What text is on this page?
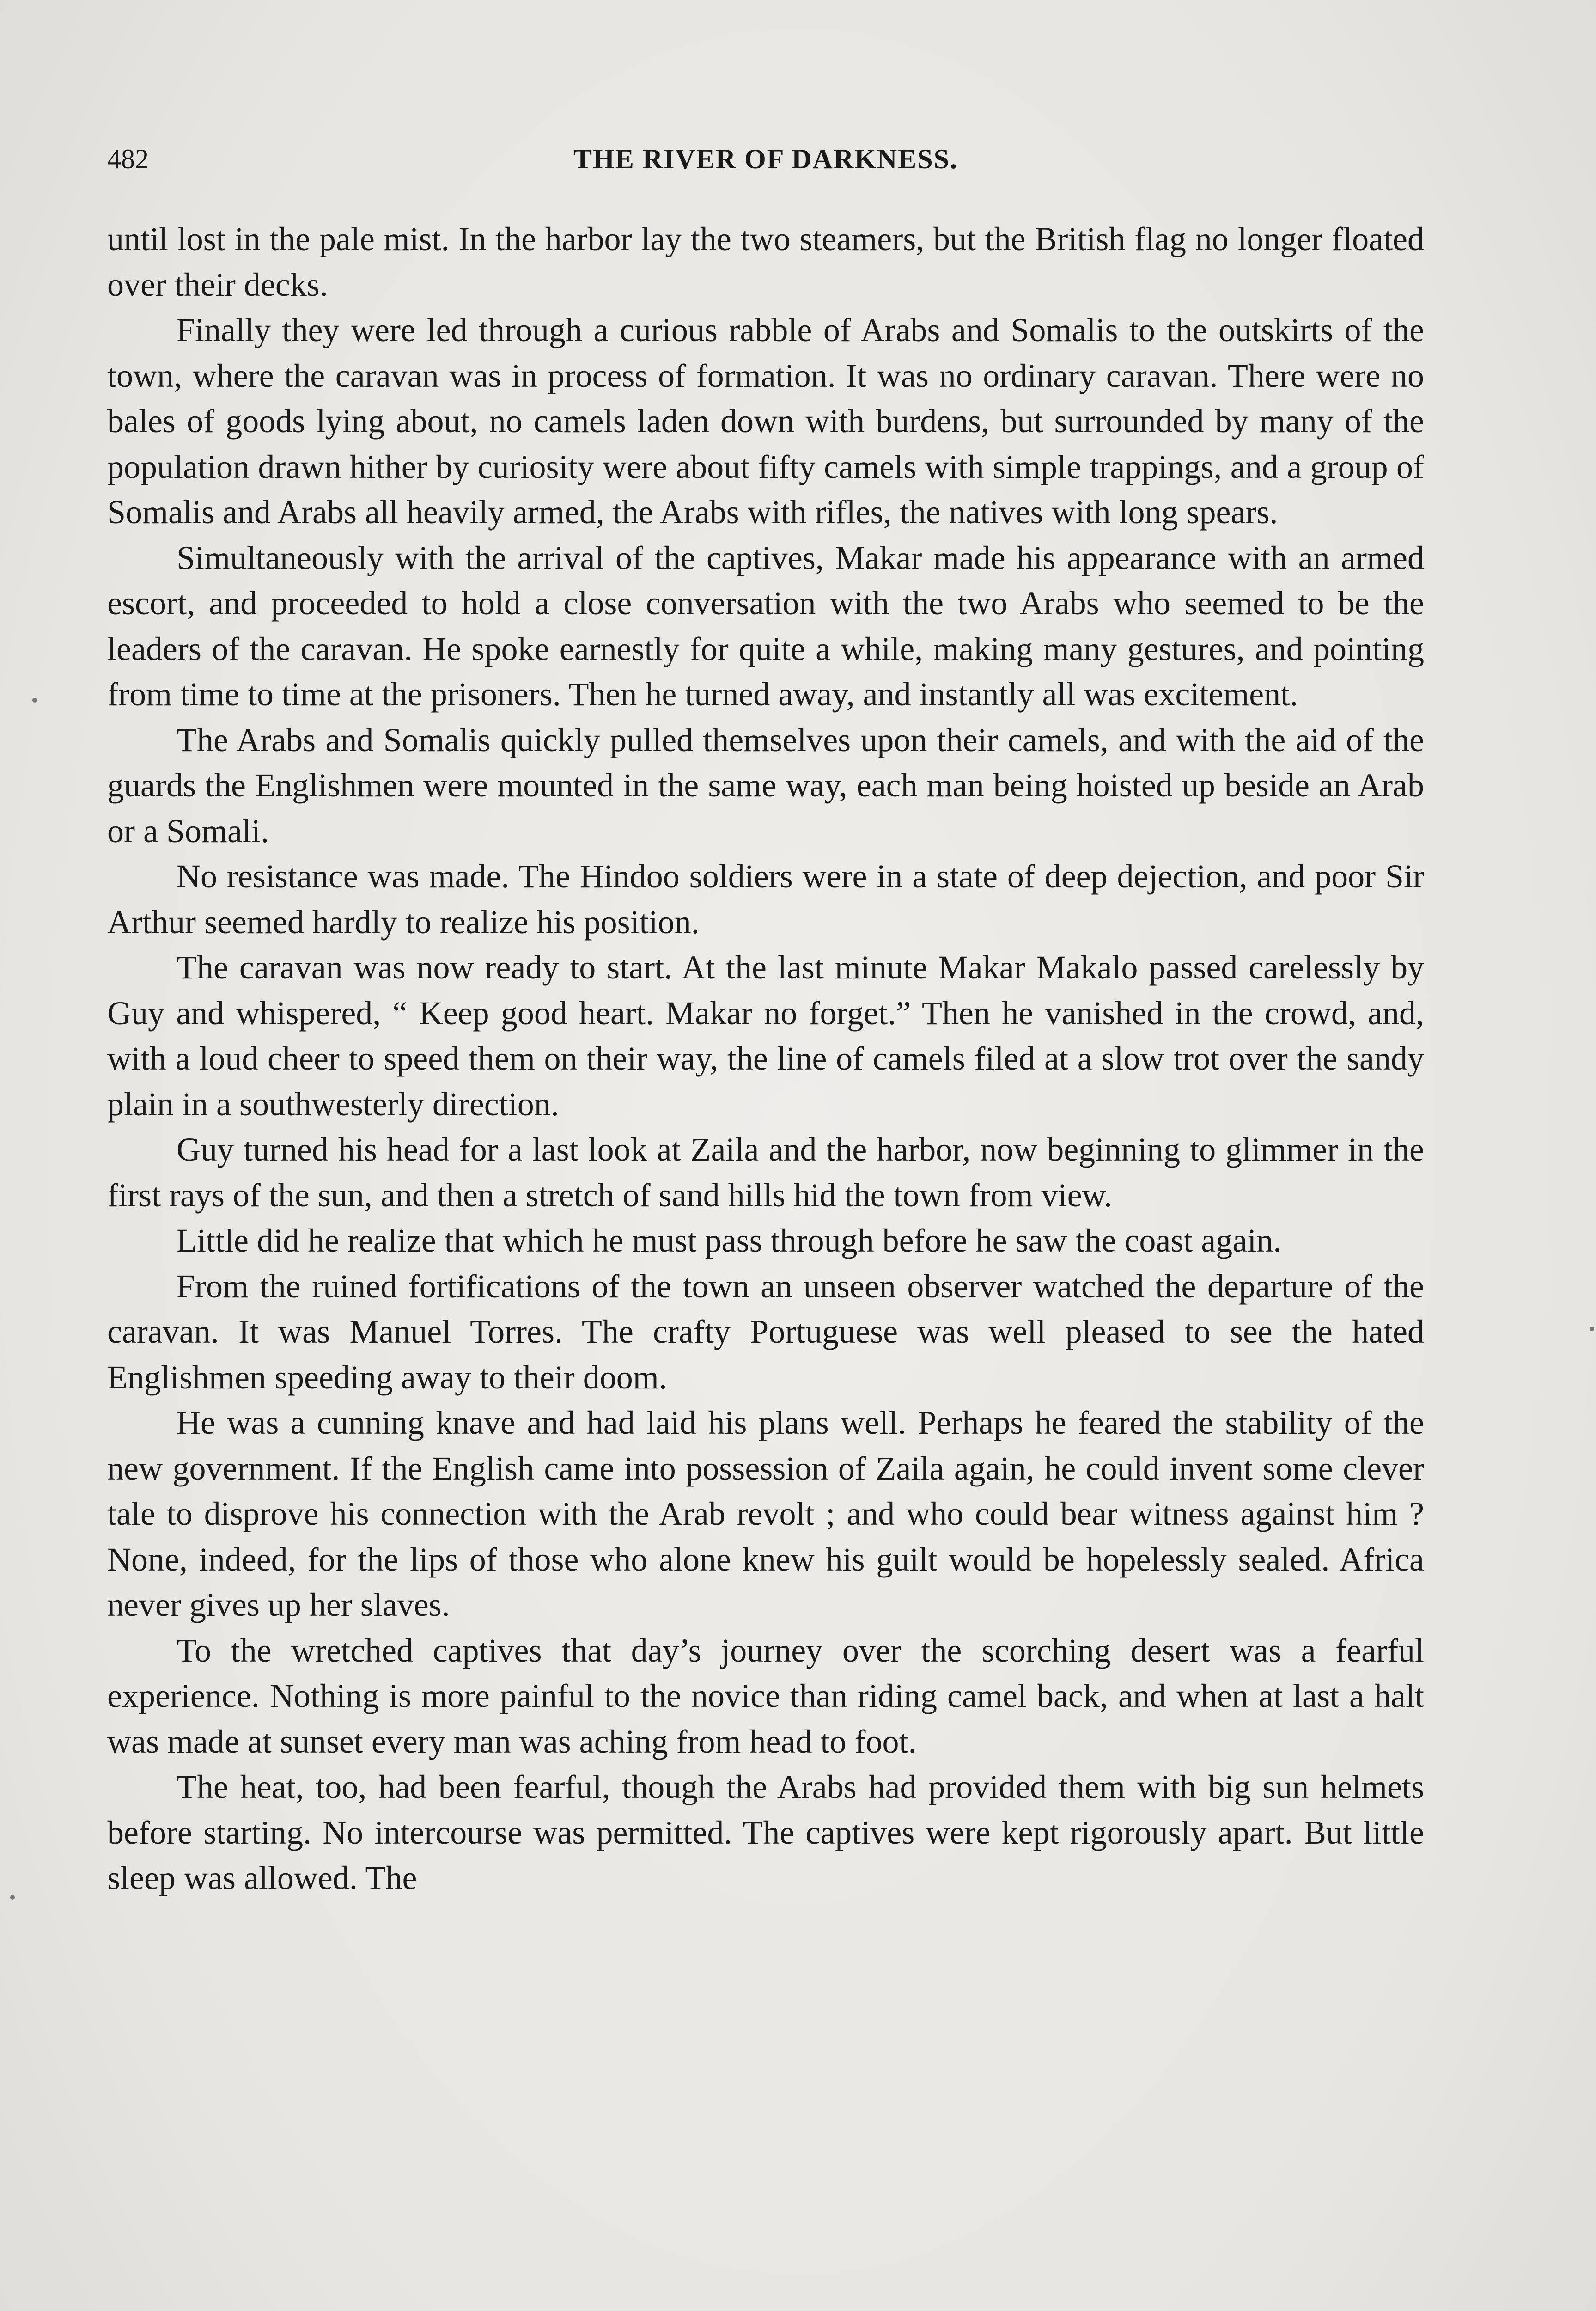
482	THE RIVER OF DARKNESS.

until lost in the pale mist. In the harbor lay the two steamers, but the British flag no longer floated over their decks.

Finally they were led through a curious rabble of Arabs and Somalis to the outskirts of the town, where the caravan was in process of formation. It was no ordinary caravan. There were no bales of goods lying about, no camels laden down with burdens, but surrounded by many of the population drawn hither by curiosity were about fifty camels with simple trappings, and a group of Somalis and Arabs all heavily armed, the Arabs with rifles, the natives with long spears.

Simultaneously with the arrival of the captives, Makar made his appearance with an armed escort, and proceeded to hold a close conversation with the two Arabs who seemed to be the leaders of the caravan. He spoke earnestly for quite a while, making many gestures, and pointing from time to time at the prisoners. Then he turned away, and instantly all was excitement.

The Arabs and Somalis quickly pulled themselves upon their camels, and with the aid of the guards the Englishmen were mounted in the same way, each man being hoisted up beside an Arab or a Somali.

No resistance was made. The Hindoo soldiers were in a state of deep dejection, and poor Sir Arthur seemed hardly to realize his position.

The caravan was now ready to start. At the last minute Makar Makalo passed carelessly by Guy and whispered, “ Keep good heart. Makar no forget.” Then he vanished in the crowd, and, with a loud cheer to speed them on their way, the line of camels filed at a slow trot over the sandy plain in a southwesterly direction.

Guy turned his head for a last look at Zaila and the harbor, now beginning to glimmer in the first rays of the sun, and then a stretch of sand hills hid the town from view.

Little did he realize that which he must pass through before he saw the coast again.

From the ruined fortifications of the town an unseen observer watched the departure of the caravan. It was Manuel Torres. The crafty Portuguese was well pleased to see the hated Englishmen speeding away to their doom.

He was a cunning knave and had laid his plans well. Perhaps he feared the stability of the new government. If the English came into possession of Zaila again, he could invent some clever tale to disprove his connection with the Arab revolt ; and who could bear witness against him ? None, indeed, for the lips of those who alone knew his guilt would be hopelessly sealed. Africa never gives up her slaves.

To the wretched captives that day’s journey over the scorching desert was a fearful experience. Nothing is more painful to the novice than riding camel back, and when at last a halt was made at sunset every man was aching from head to foot.

The heat, too, had been fearful, though the Arabs had provided them with big sun helmets before starting. No intercourse was permitted. The captives were kept rigorously apart. But little sleep was allowed. The
